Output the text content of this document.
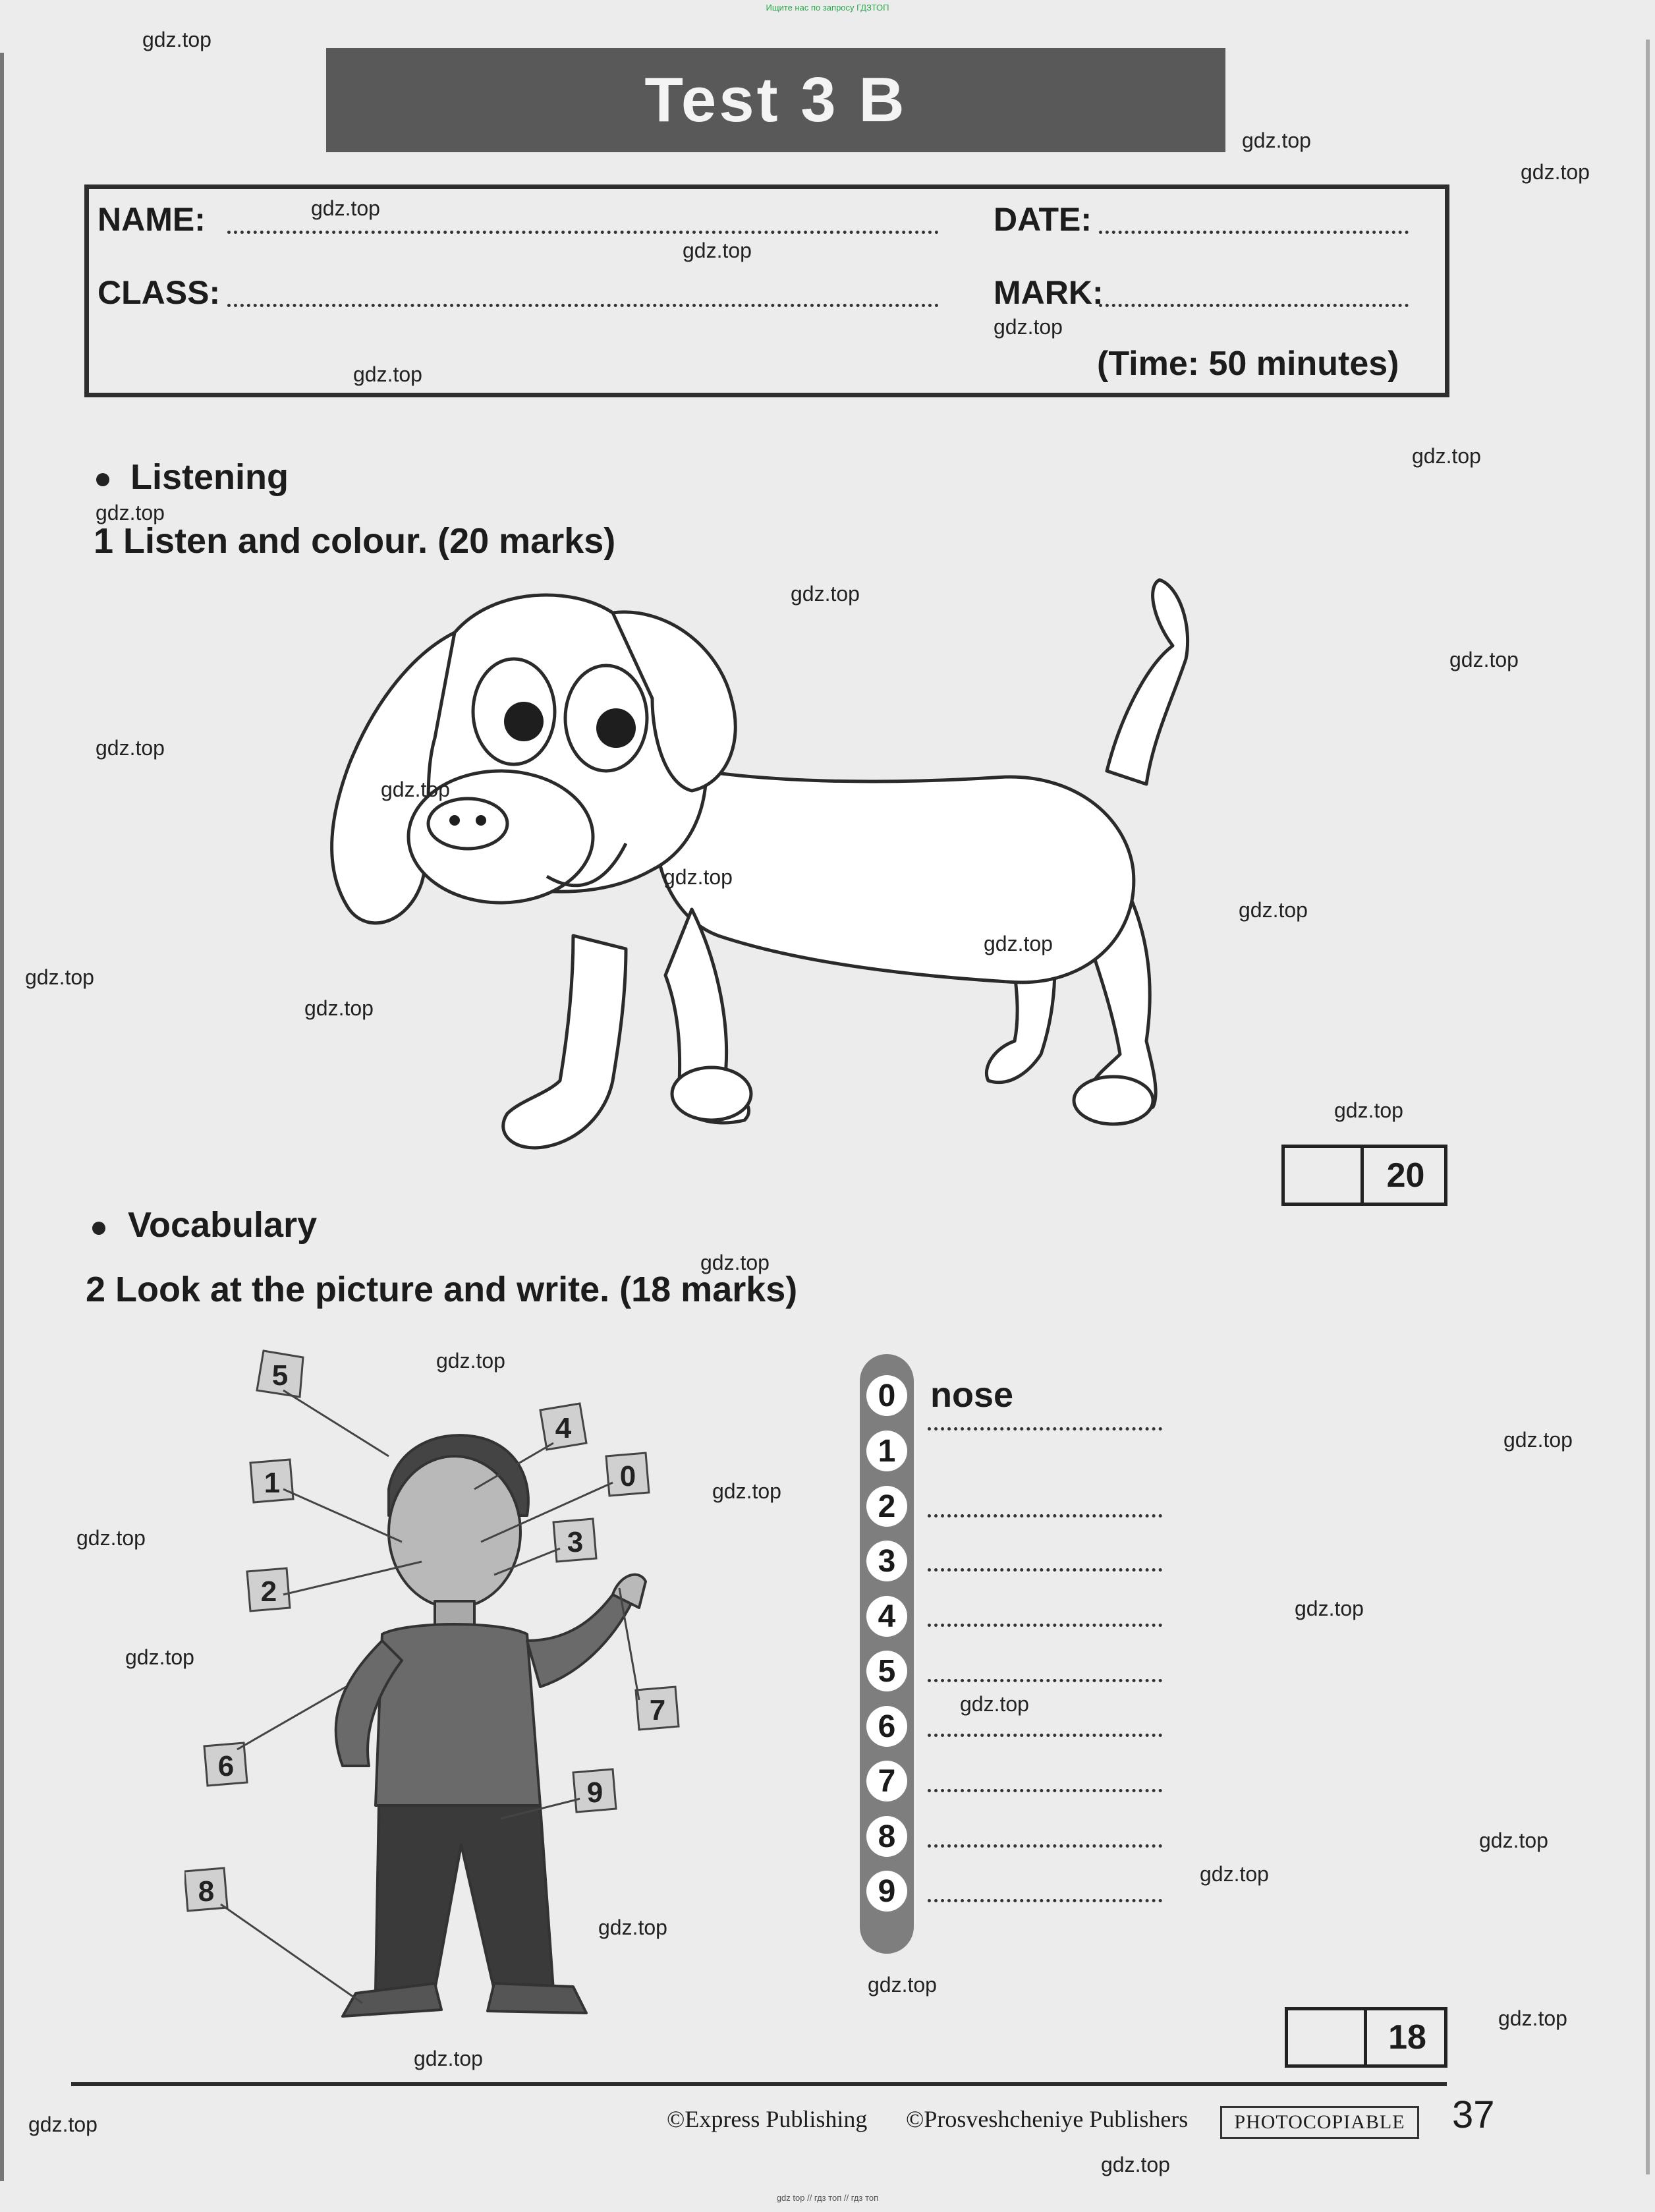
Ищите нас по запросу ГДЗТОП
Test 3 B
NAME:	DATE:
CLASS:	MARK:
(Time: 50 minutes)
Listening
1 Listen and colour. (20 marks)
20
Vocabulary
2 Look at the picture and write. (18 marks)
5
4
1	0
3
2
7
6
9
8
0
1
2
3
4
5
6
7
8
9
nose
18
©Express Publishing ©Prosveshcheniye Publishers	PHOTOCOPIABLE	37
gdz.top
gdz.top
gdz.top
gdz.top
gdz.top
gdz.top
gdz.top
gdz.top
gdz.top
gdz.top
gdz.top
gdz.top
gdz.top
gdz.top
gdz.top
gdz.top
gdz.top
gdz.top
gdz.top
gdz.top
gdz.top
gdz.top
gdz.top
gdz.top
gdz.top
gdz.top
gdz.top
gdz.top
gdz.top
gdz.top
gdz.top
gdz.top
gdz.top
gdz.top
gdz.top
gdz top // гдз топ // гдз топ
